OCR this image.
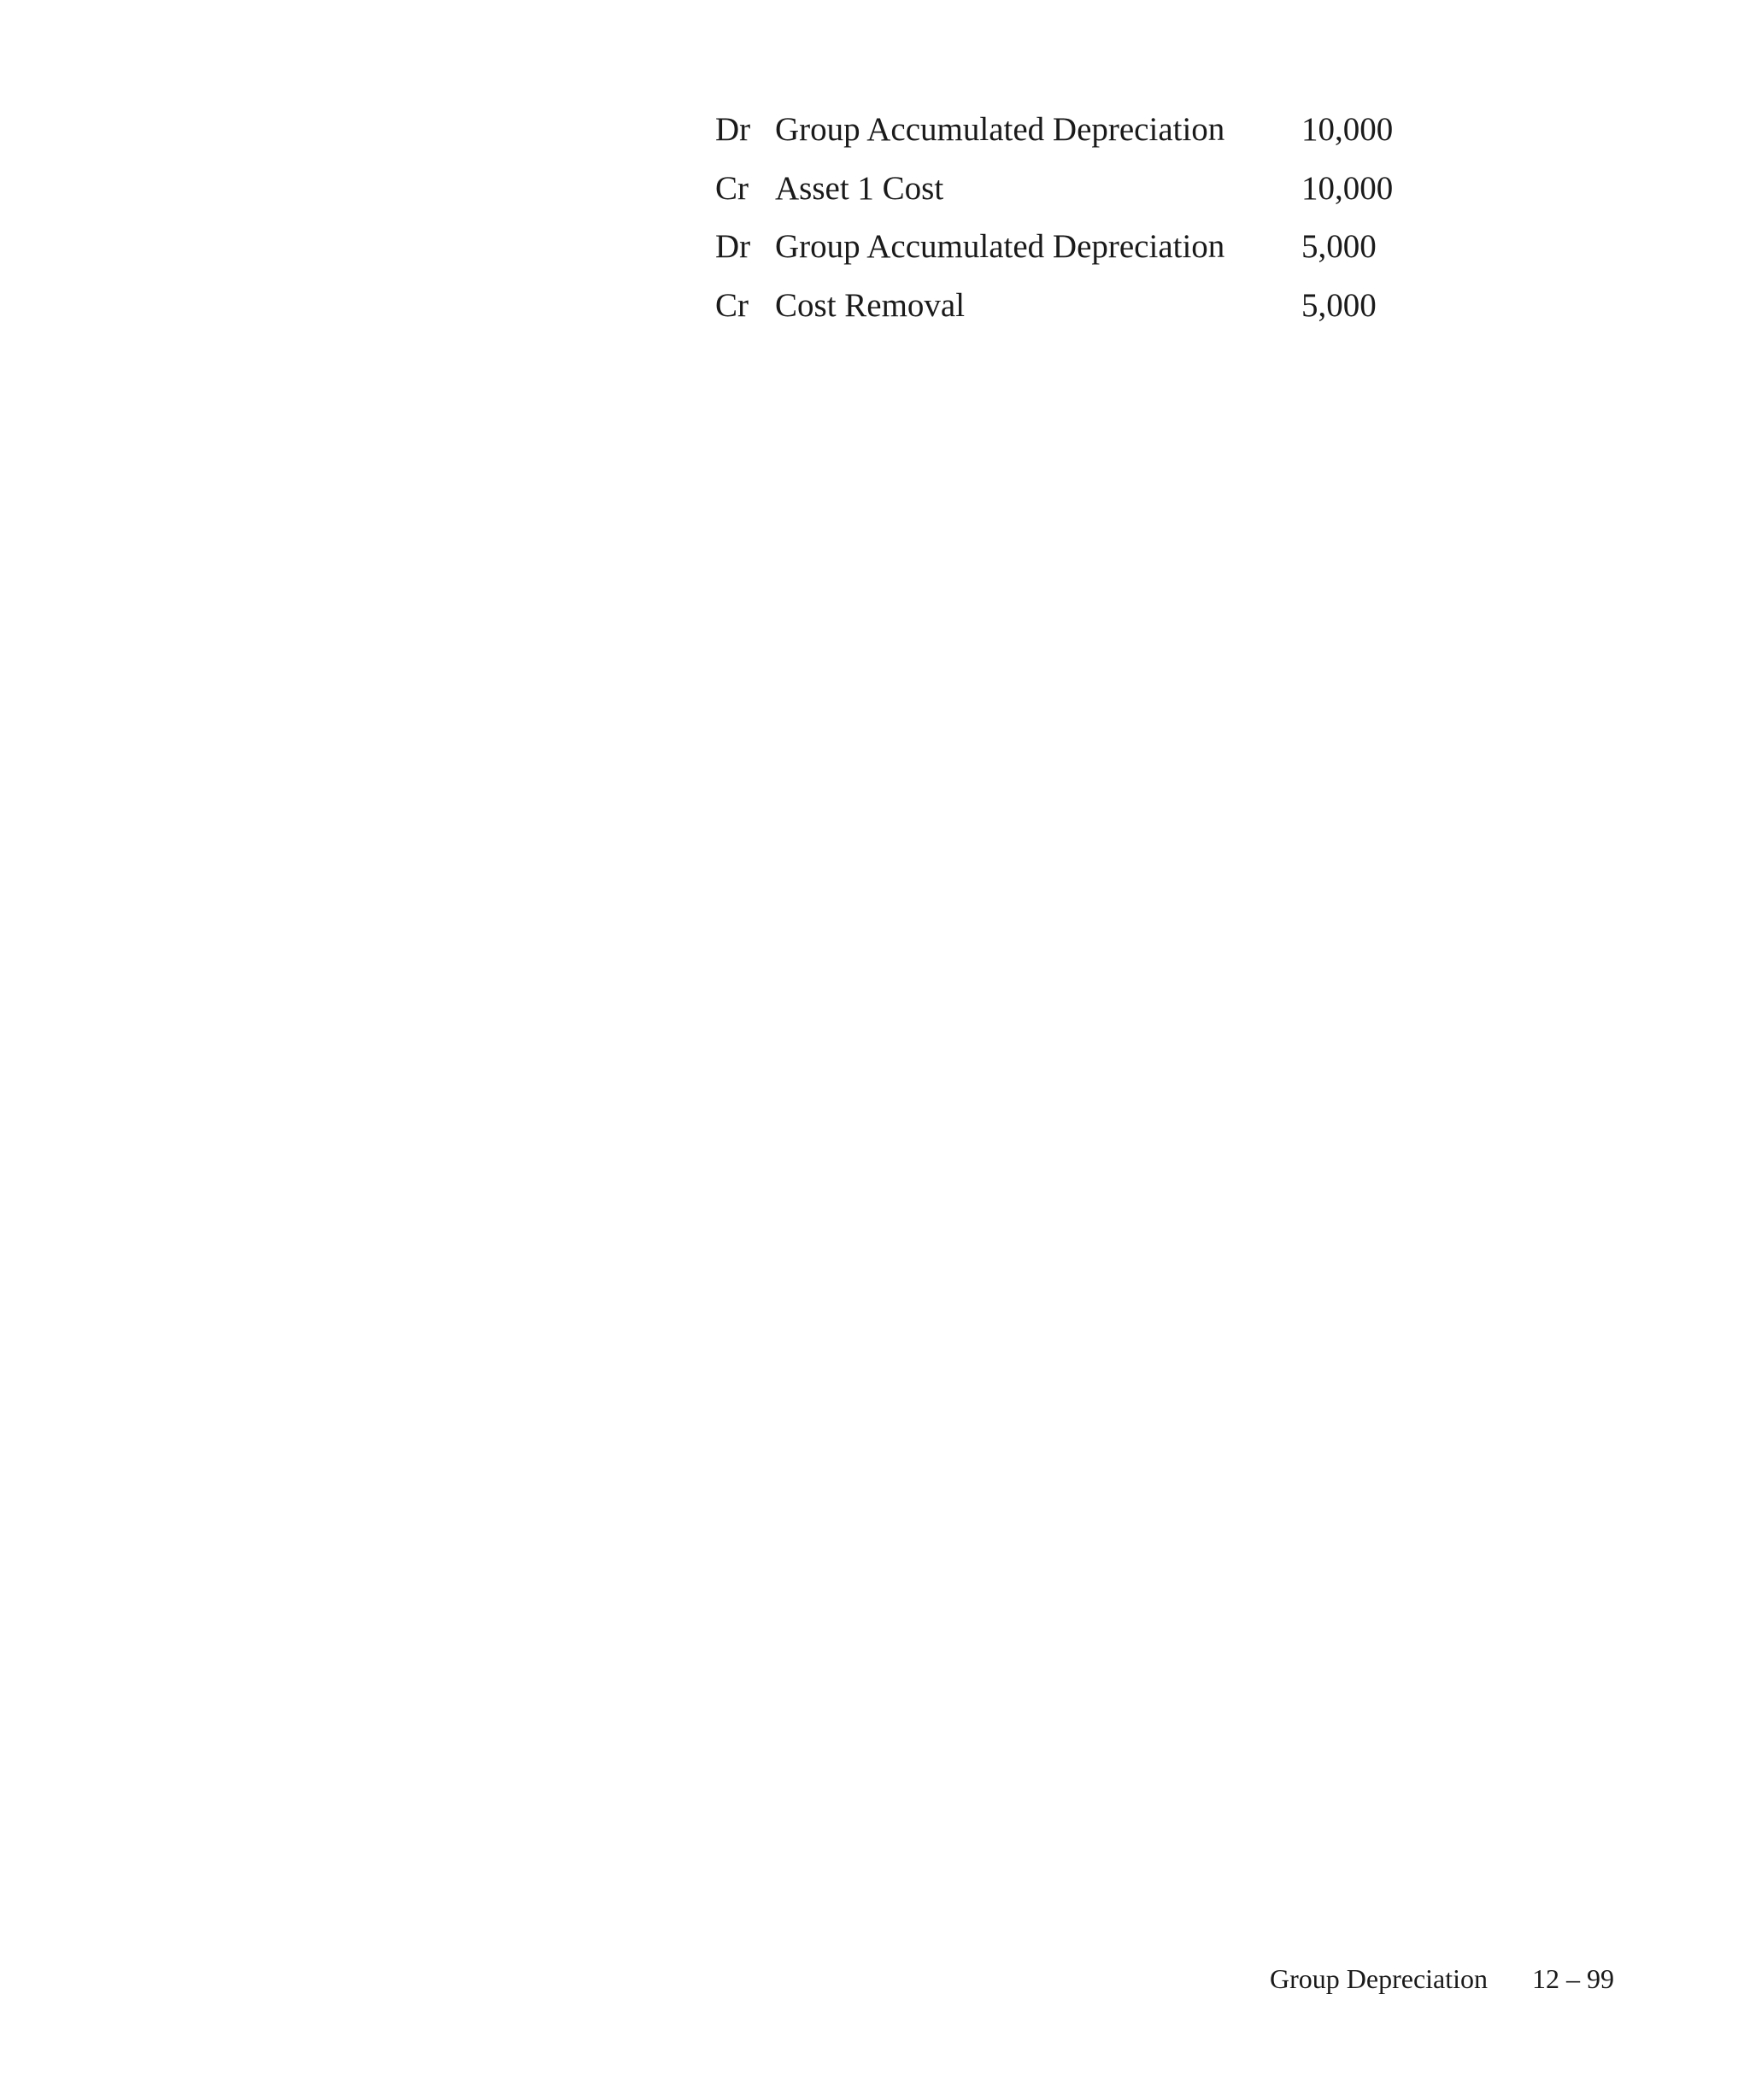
Dr Group Accumulated Depreciation	10,000
Cr Asset 1 Cost	10,000
Dr Group Accumulated Depreciation	5,000
Cr Cost Removal	5,000
Group Depreciation 12 – 99
